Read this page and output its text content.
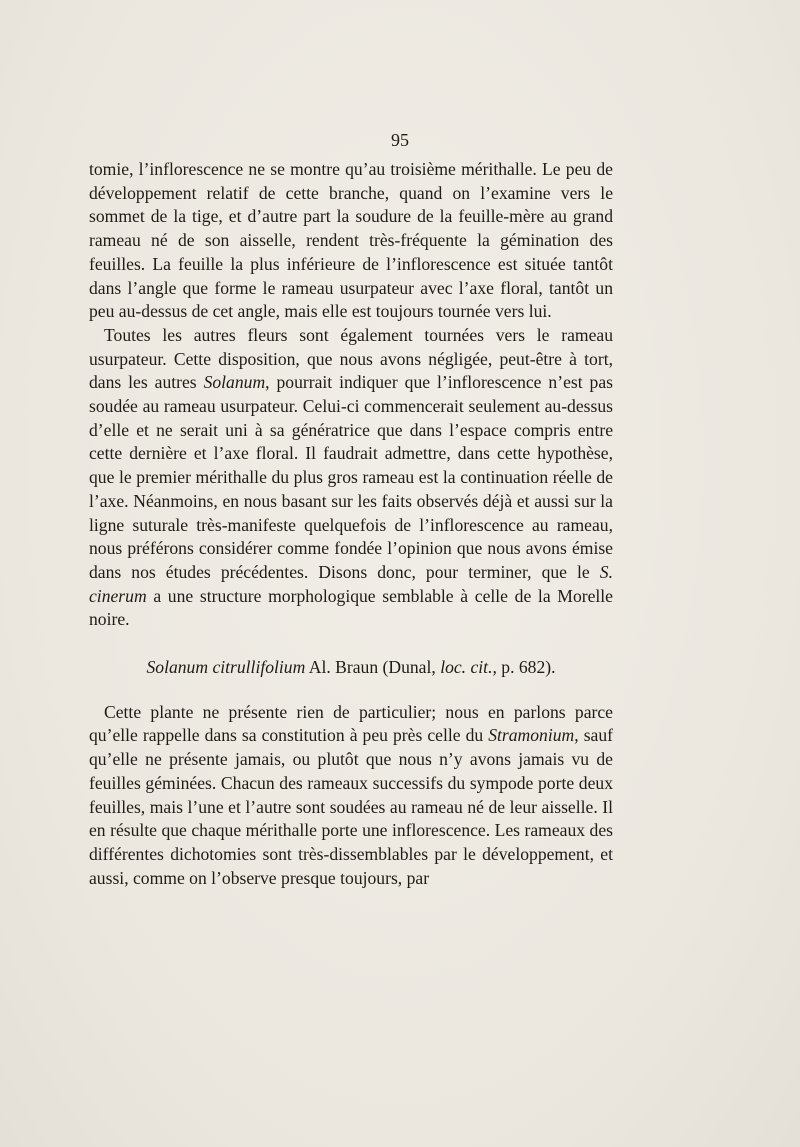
95

tomie, l’inflorescence ne se montre qu’au troisième mérithalle. Le peu de développement relatif de cette branche, quand on l’examine vers le sommet de la tige, et d’autre part la soudure de la feuille-mère au grand rameau né de son aisselle, rendent très-fréquente la gémination des feuilles. La feuille la plus inférieure de l’inflorescence est située tantôt dans l’angle que forme le rameau usurpateur avec l’axe floral, tantôt un peu au-dessus de cet angle, mais elle est toujours tournée vers lui.

Toutes les autres fleurs sont également tournées vers le rameau usurpateur. Cette disposition, que nous avons négligée, peut-être à tort, dans les autres Solanum, pourrait indiquer que l’inflorescence n’est pas soudée au rameau usurpateur. Celui-ci commencerait seulement au-dessus d’elle et ne serait uni à sa génératrice que dans l’espace compris entre cette dernière et l’axe floral. Il faudrait admettre, dans cette hypothèse, que le premier mérithalle du plus gros rameau est la continuation réelle de l’axe. Néanmoins, en nous basant sur les faits observés déjà et aussi sur la ligne suturale très-manifeste quelquefois de l’inflorescence au rameau, nous préférons considérer comme fondée l’opinion que nous avons émise dans nos études précédentes. Disons donc, pour terminer, que le S. cinerum a une structure morphologique semblable à celle de la Morelle noire.

Solanum citrullifolium Al. Braun (Dunal, loc. cit., p. 682).

Cette plante ne présente rien de particulier; nous en parlons parce qu’elle rappelle dans sa constitution à peu près celle du Stramonium, sauf qu’elle ne présente jamais, ou plutôt que nous n’y avons jamais vu de feuilles géminées. Chacun des rameaux successifs du sympode porte deux feuilles, mais l’une et l’autre sont soudées au rameau né de leur aisselle. Il en résulte que chaque mérithalle porte une inflorescence. Les rameaux des différentes dichotomies sont très-dissemblables par le développement, et aussi, comme on l’observe presque toujours, par
